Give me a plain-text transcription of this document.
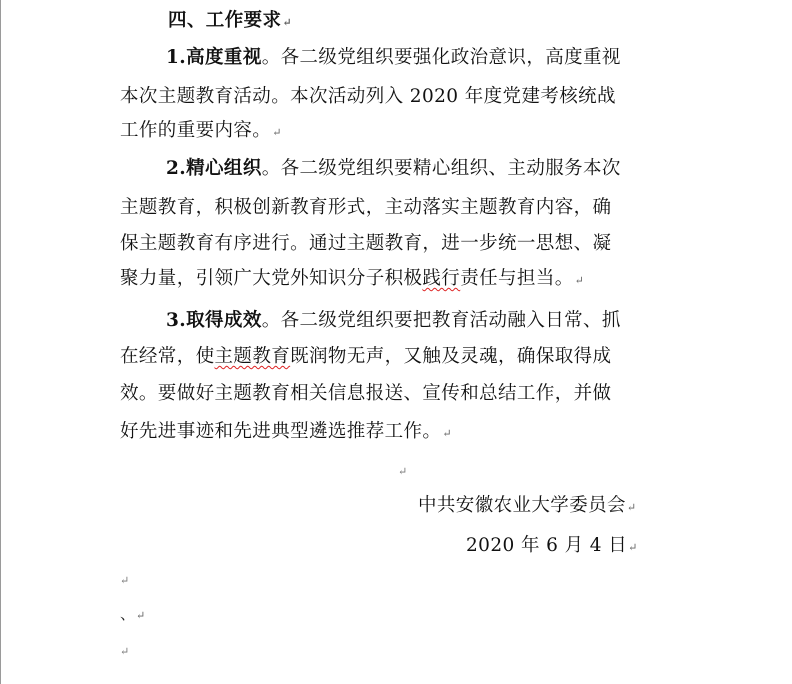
四、工作要求↵
1.高度重视。各二级党组织要强化政治意识，高度重视
本次主题教育活动。本次活动列入 2020 年度党建考核统战
工作的重要内容。↵
2.精心组织。各二级党组织要精心组织、主动服务本次
主题教育，积极创新教育形式，主动落实主题教育内容，确
保主题教育有序进行。通过主题教育，进一步统一思想、凝
聚力量，引领广大党外知识分子积极践行责任与担当。↵
3.取得成效。各二级党组织要把教育活动融入日常、抓
在经常，使主题教育既润物无声，又触及灵魂，确保取得成
效。要做好主题教育相关信息报送、宣传和总结工作，并做
好先进事迹和先进典型遴选推荐工作。↵
↵
中共安徽农业大学委员会↵
2020 年 6 月 4 日↵
↵
、↵
↵
